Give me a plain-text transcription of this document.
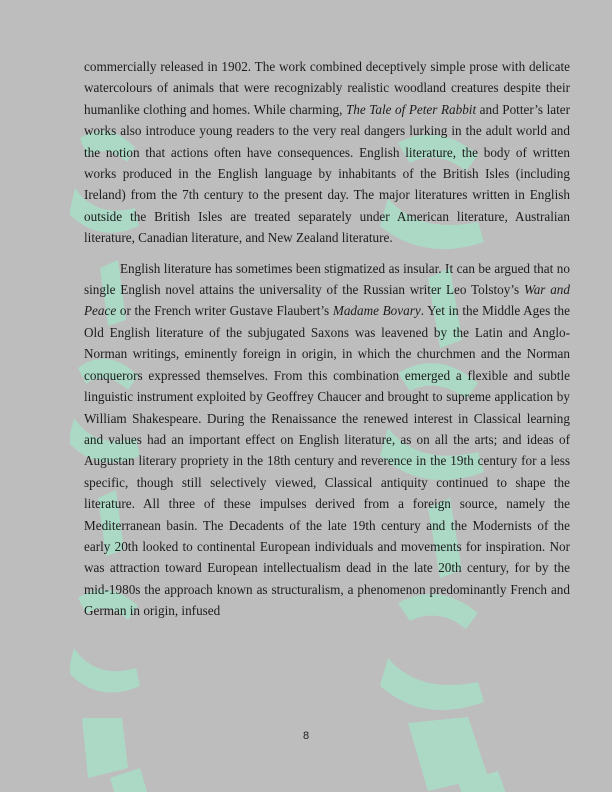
commercially released in 1902. The work combined deceptively simple prose with delicate watercolours of animals that were recognizably realistic woodland creatures despite their humanlike clothing and homes. While charming, The Tale of Peter Rabbit and Potter’s later works also introduce young readers to the very real dangers lurking in the adult world and the notion that actions often have consequences. English literature, the body of written works produced in the English language by inhabitants of the British Isles (including Ireland) from the 7th century to the present day. The major literatures written in English outside the British Isles are treated separately under American literature, Australian literature, Canadian literature, and New Zealand literature.

English literature has sometimes been stigmatized as insular. It can be argued that no single English novel attains the universality of the Russian writer Leo Tolstoy’s War and Peace or the French writer Gustave Flaubert’s Madame Bovary. Yet in the Middle Ages the Old English literature of the subjugated Saxons was leavened by the Latin and Anglo-Norman writings, eminently foreign in origin, in which the churchmen and the Norman conquerors expressed themselves. From this combination emerged a flexible and subtle linguistic instrument exploited by Geoffrey Chaucer and brought to supreme application by William Shakespeare. During the Renaissance the renewed interest in Classical learning and values had an important effect on English literature, as on all the arts; and ideas of Augustan literary propriety in the 18th century and reverence in the 19th century for a less specific, though still selectively viewed, Classical antiquity continued to shape the literature. All three of these impulses derived from a foreign source, namely the Mediterranean basin. The Decadents of the late 19th century and the Modernists of the early 20th looked to continental European individuals and movements for inspiration. Nor was attraction toward European intellectualism dead in the late 20th century, for by the mid-1980s the approach known as structuralism, a phenomenon predominantly French and German in origin, infused

8
